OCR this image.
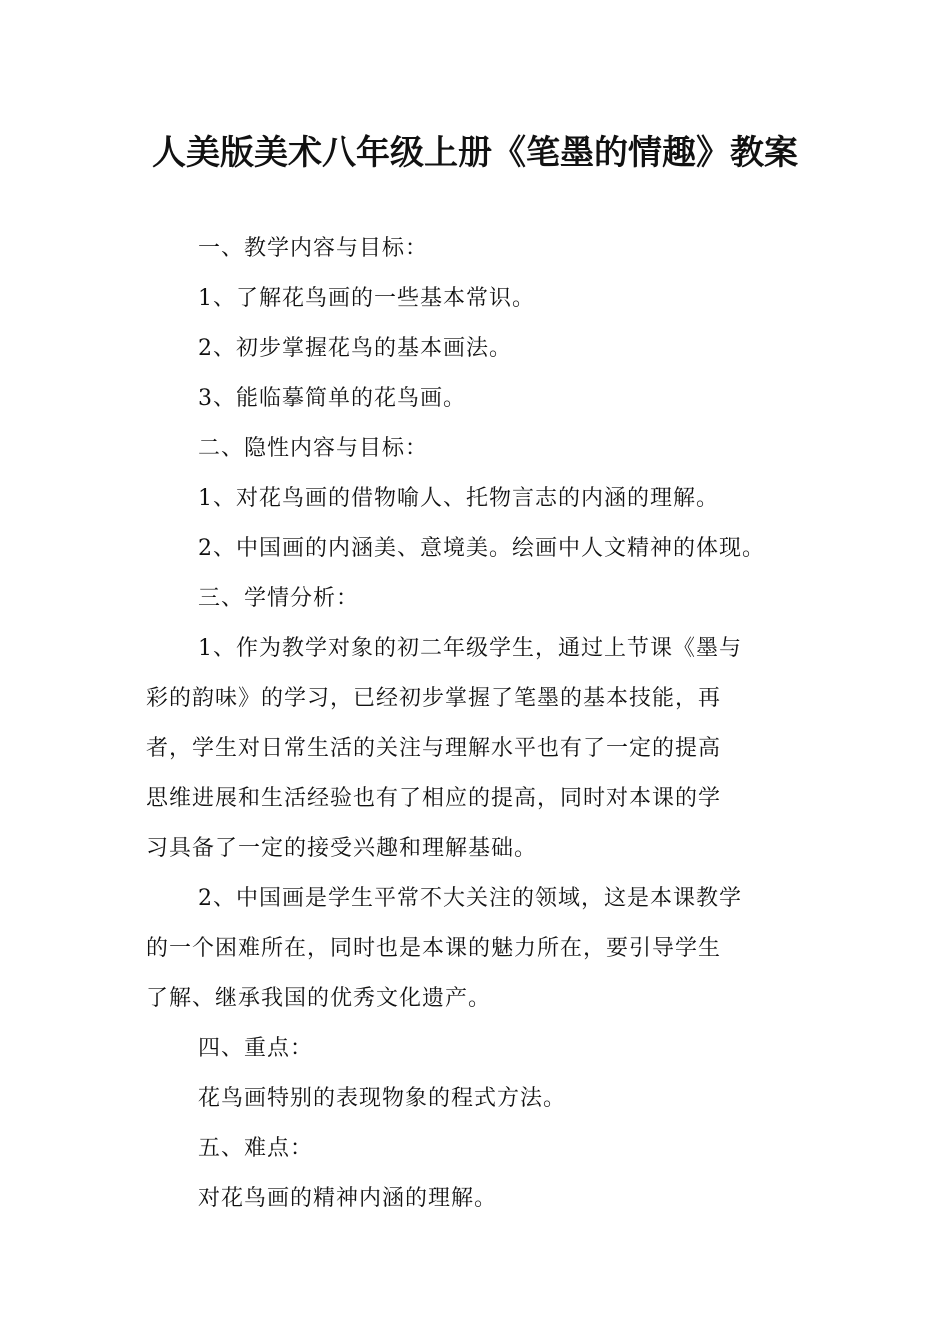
人美版美术八年级上册《笔墨的情趣》教案
一、教学内容与目标：
1、了解花鸟画的一些基本常识。
2、初步掌握花鸟的基本画法。
3、能临摹简单的花鸟画。
二、隐性内容与目标：
1、对花鸟画的借物喻人、托物言志的内涵的理解。
2、中国画的内涵美、意境美。绘画中人文精神的体现。
三、学情分析：
1、作为教学对象的初二年级学生，通过上节课《墨与
彩的韵味》的学习，已经初步掌握了笔墨的基本技能，再
者，学生对日常生活的关注与理解水平也有了一定的提高
思维进展和生活经验也有了相应的提高，同时对本课的学
习具备了一定的接受兴趣和理解基础。
2、中国画是学生平常不大关注的领域，这是本课教学
的一个困难所在，同时也是本课的魅力所在，要引导学生
了解、继承我国的优秀文化遗产。
四、重点：
花鸟画特别的表现物象的程式方法。
五、难点：
对花鸟画的精神内涵的理解。
